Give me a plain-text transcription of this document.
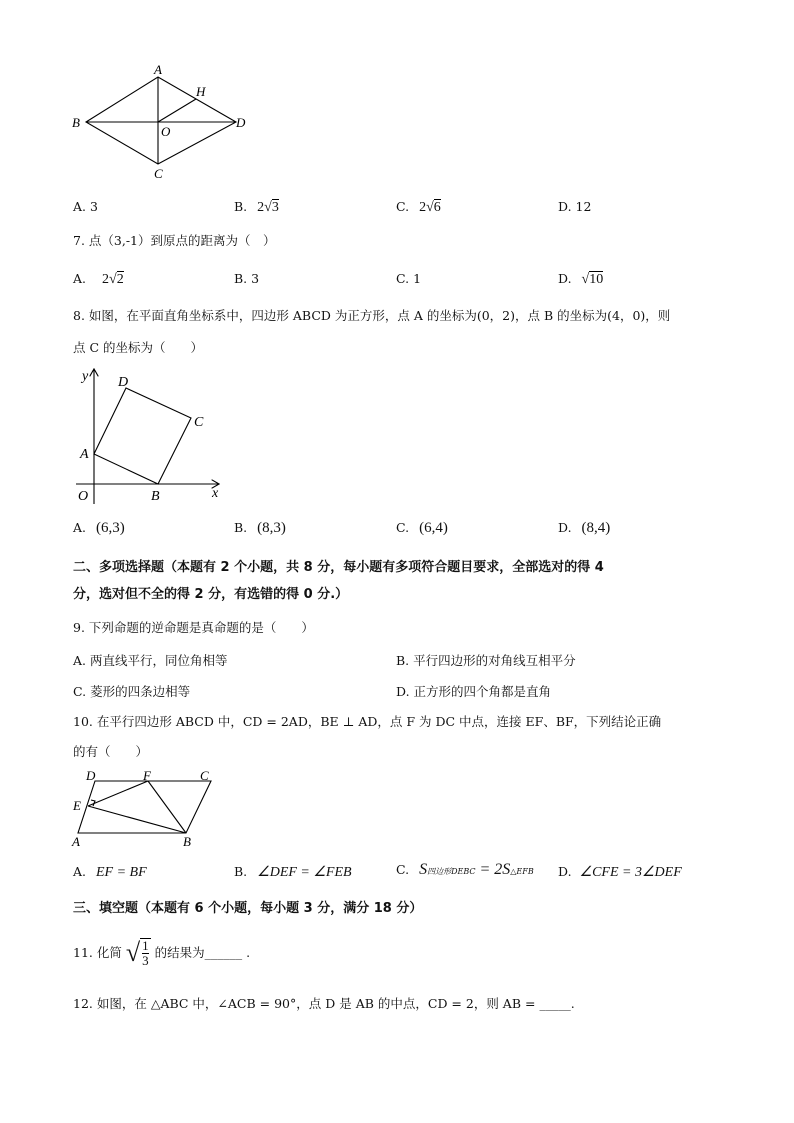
A
H
B
O
D
C
A. 3	B. 2√3	C. 2√6	D. 12
7. 点（3,-1）到原点的距离为（　）
A. 2√2	B. 3	C. 1	D. √10
8. 如图，在平面直角坐标系中，四边形 ABCD 为正方形，点 A 的坐标为(0，2)，点 B 的坐标为(4，0)，则
点 C 的坐标为（　　）
y
x
O
A
B
C
D
A. (6,3)	B. (8,3)	C. (6,4)	D. (8,4)
二、多项选择题（本题有 2 个小题，共 8 分，每小题有多项符合题目要求，全部选对的得 4
分，选对但不全的得 2 分，有选错的得 0 分.）
9. 下列命题的逆命题是真命题的是（　　）
A. 两直线平行，同位角相等	B. 平行四边形的对角线互相平分
C. 菱形的四条边相等	D. 正方形的四个角都是直角
10. 在平行四边形 ABCD 中，CD = 2AD，BE ⊥ AD，点 F 为 DC 中点，连接 EF、BF，下列结论正确
的有（　　）
D	F	C
E
A	B
A. EF = BF	B. ∠DEF = ∠FEB	C. S四边形DEBC = 2S△EFB D. ∠CFE = 3∠DEF
三、填空题（本题有 6 个小题，每小题 3 分，满分 18 分）
11. 化简 √ $\frac{1}{3}$ 的结果为______ .
12. 如图，在 △ABC 中，∠ACB = 90°，点 D 是 AB 的中点，CD = 2，则 AB = _____.
